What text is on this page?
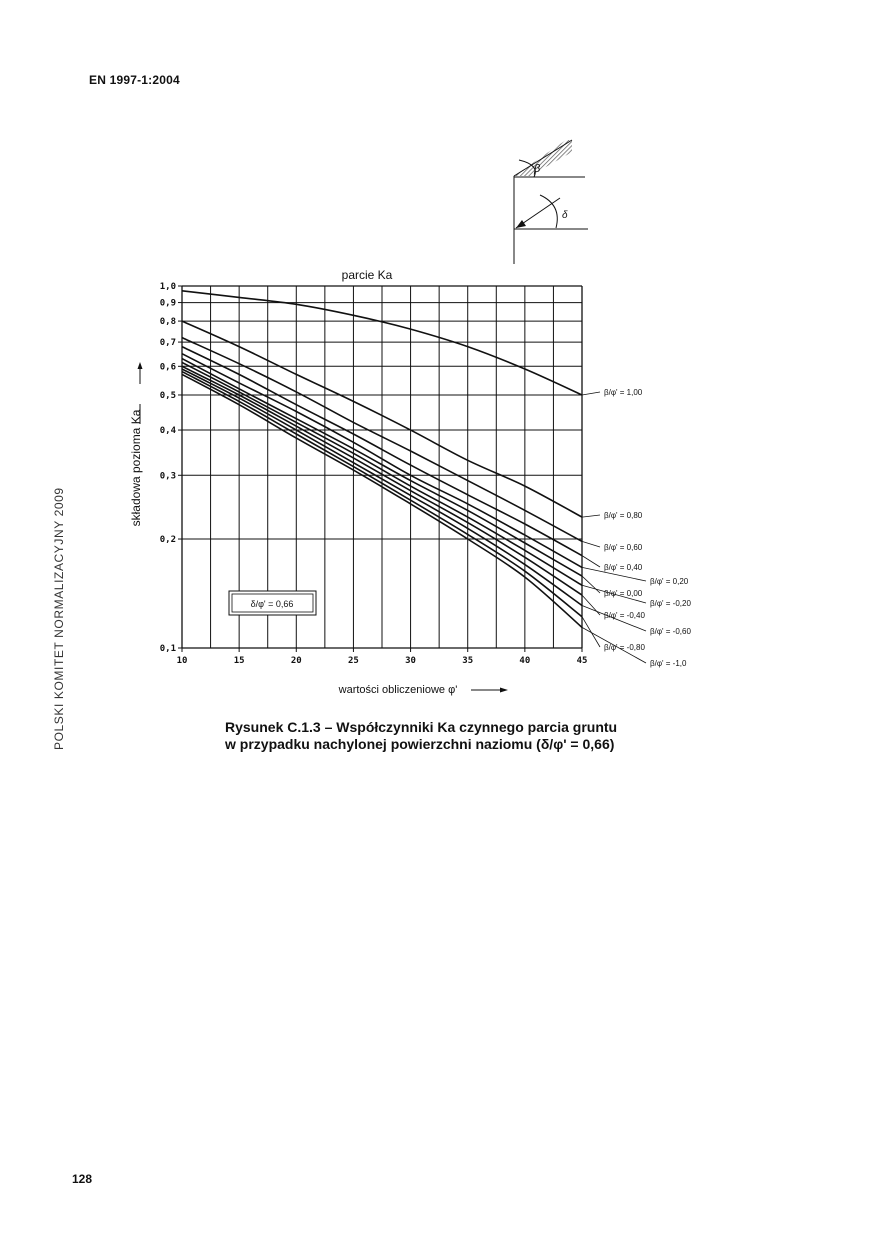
EN 1997-1:2004
POLSKI KOMITET NORMALIZACYJNY 2009
β
δ
parcie Ka
składowa pozioma Ka
wartości obliczeniowe φ'
10	15	20	25	30	35	40	45
0,1
0,2
0,3
0,4
0,5
0,6
0,7
0,8
0,9
1,0
β/φ' = 1,00
β/φ' = 0,80
β/φ' = 0,60
β/φ' = 0,40
β/φ' = 0,20
β/φ' = 0,00
β/φ' = -0,20
β/φ' = -0,40
β/φ' = -0,60
β/φ' = -0,80
β/φ' = -1,0
δ/φ' = 0,66
Rysunek C.1.3 – Współczynniki Ka czynnego parcia gruntu
w przypadku nachylonej powierzchni naziomu (δ/φ' = 0,66)
128
